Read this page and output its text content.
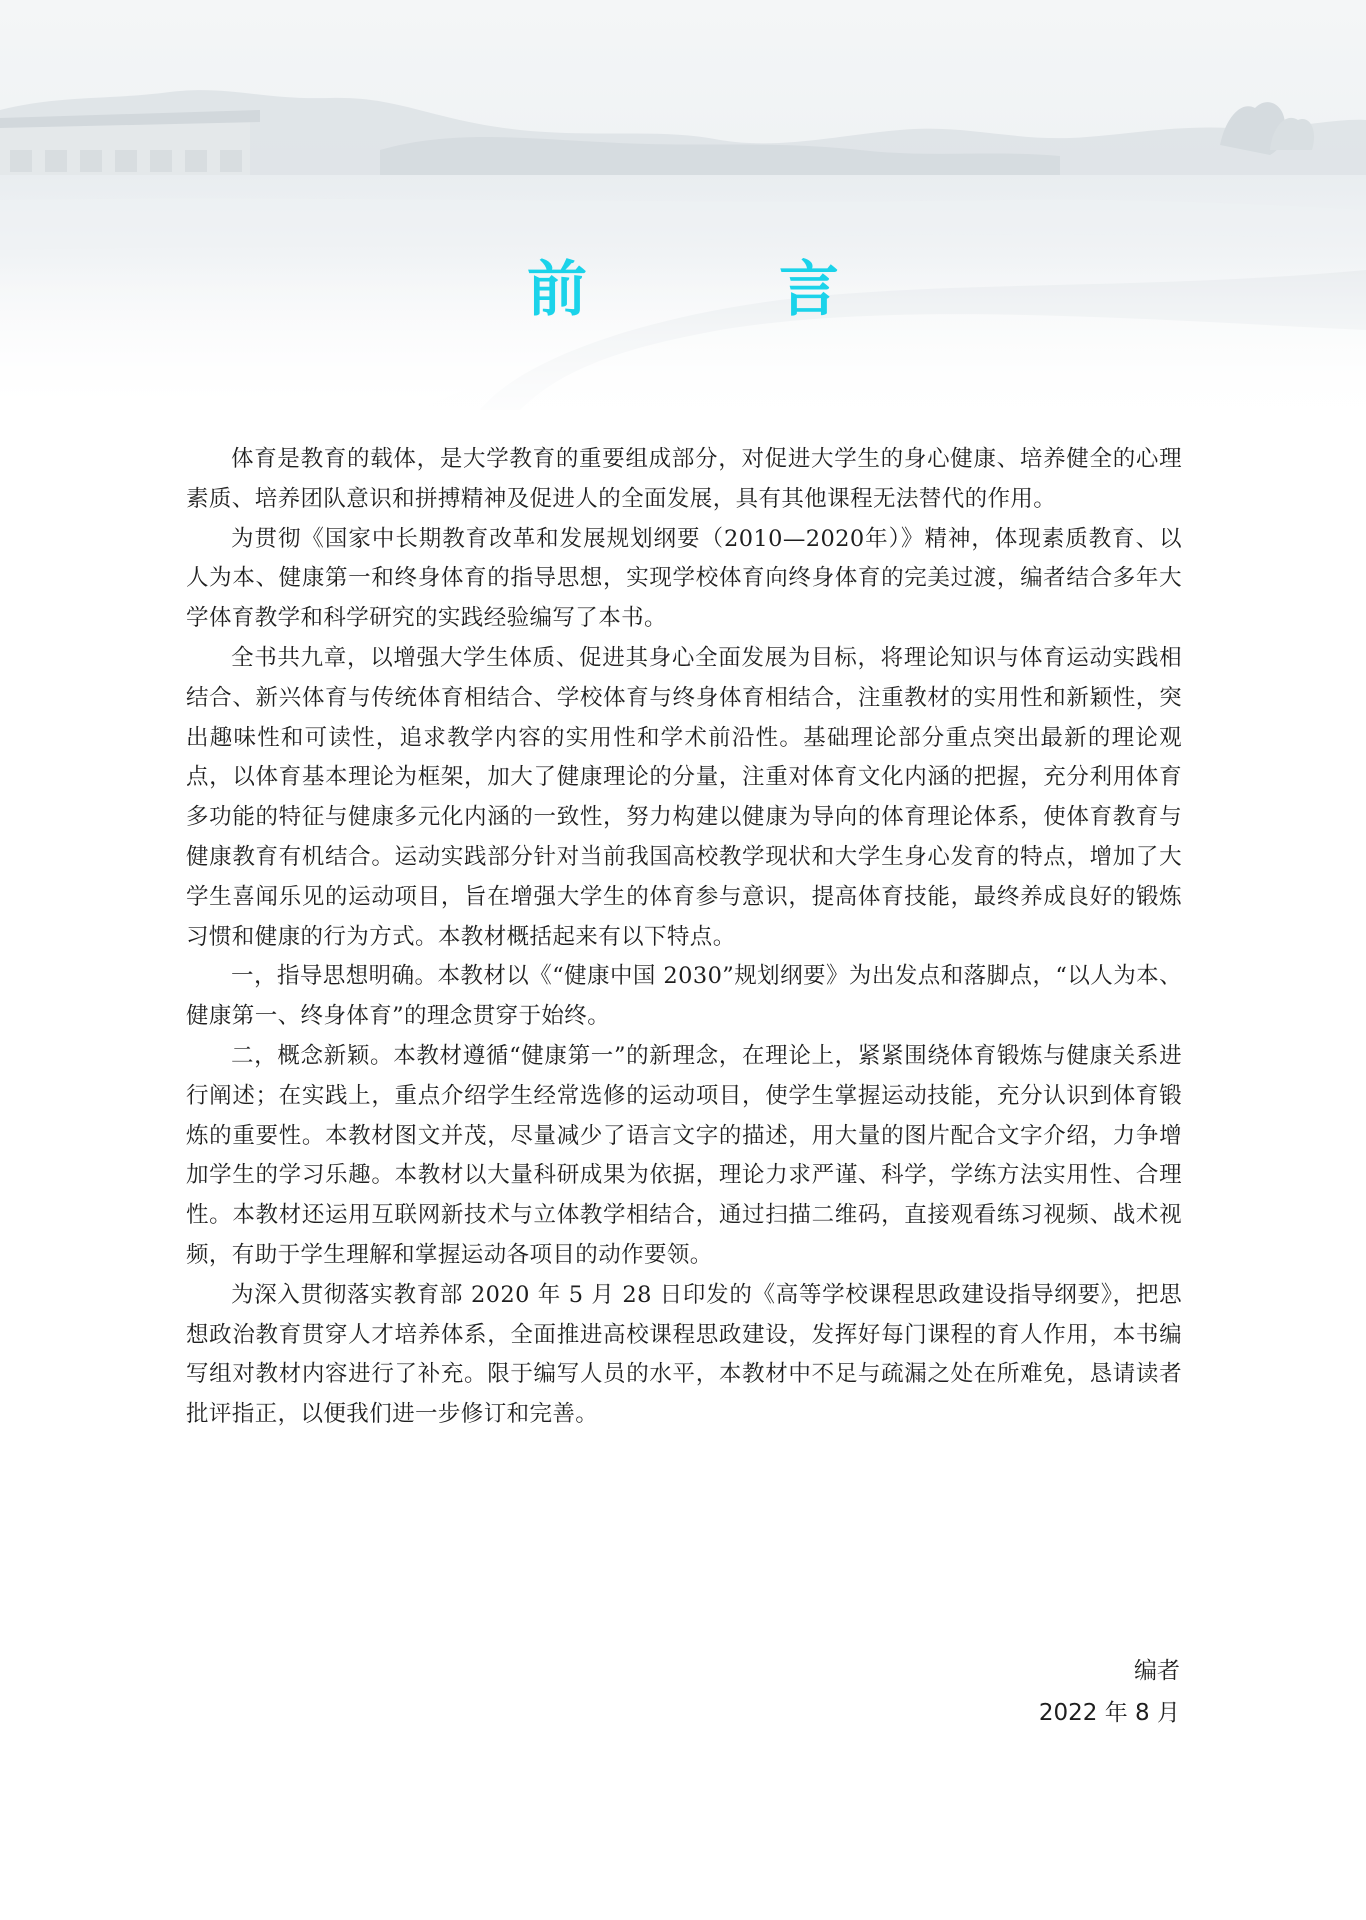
前　言

体育是教育的载体，是大学教育的重要组成部分，对促进大学生的身心健康、培养健全的心理素质、培养团队意识和拼搏精神及促进人的全面发展，具有其他课程无法替代的作用。

为贯彻《国家中长期教育改革和发展规划纲要（2010—2020年）》精神，体现素质教育、以人为本、健康第一和终身体育的指导思想，实现学校体育向终身体育的完美过渡，编者结合多年大学体育教学和科学研究的实践经验编写了本书。

全书共九章，以增强大学生体质、促进其身心全面发展为目标，将理论知识与体育运动实践相结合、新兴体育与传统体育相结合、学校体育与终身体育相结合，注重教材的实用性和新颖性，突出趣味性和可读性，追求教学内容的实用性和学术前沿性。基础理论部分重点突出最新的理论观点，以体育基本理论为框架，加大了健康理论的分量，注重对体育文化内涵的把握，充分利用体育多功能的特征与健康多元化内涵的一致性，努力构建以健康为导向的体育理论体系，使体育教育与健康教育有机结合。运动实践部分针对当前我国高校教学现状和大学生身心发育的特点，增加了大学生喜闻乐见的运动项目，旨在增强大学生的体育参与意识，提高体育技能，最终养成良好的锻炼习惯和健康的行为方式。本教材概括起来有以下特点。

一，指导思想明确。本教材以《“健康中国 2030”规划纲要》为出发点和落脚点，“以人为本、健康第一、终身体育”的理念贯穿于始终。

二，概念新颖。本教材遵循“健康第一”的新理念，在理论上，紧紧围绕体育锻炼与健康关系进行阐述；在实践上，重点介绍学生经常选修的运动项目，使学生掌握运动技能，充分认识到体育锻炼的重要性。本教材图文并茂，尽量减少了语言文字的描述，用大量的图片配合文字介绍，力争增加学生的学习乐趣。本教材以大量科研成果为依据，理论力求严谨、科学，学练方法实用性、合理性。本教材还运用互联网新技术与立体教学相结合，通过扫描二维码，直接观看练习视频、战术视频，有助于学生理解和掌握运动各项目的动作要领。

为深入贯彻落实教育部 2020 年 5 月 28 日印发的《高等学校课程思政建设指导纲要》，把思想政治教育贯穿人才培养体系，全面推进高校课程思政建设，发挥好每门课程的育人作用，本书编写组对教材内容进行了补充。限于编写人员的水平，本教材中不足与疏漏之处在所难免，恳请读者批评指正，以便我们进一步修订和完善。

编者
2022 年 8 月
